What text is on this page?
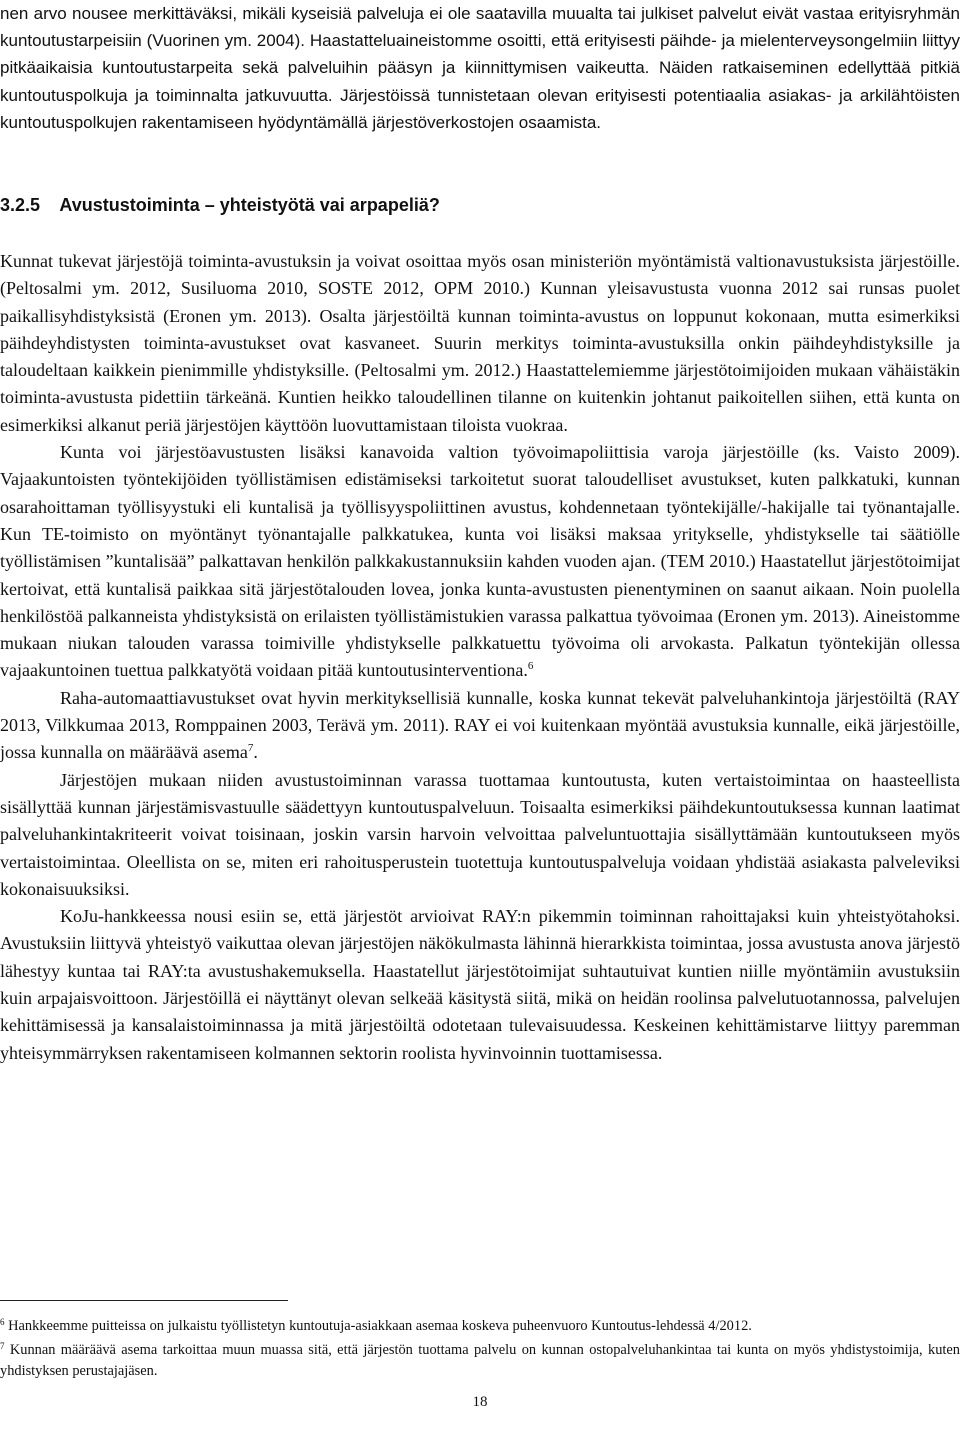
nen arvo nousee merkittäväksi, mikäli kyseisiä palveluja ei ole saatavilla muualta tai julkiset palvelut eivät vastaa erityisryhmän kuntoutustarpeisiin (Vuorinen ym. 2004). Haastatteluaineistomme osoitti, että erityisesti päihde- ja mielenterveysongelmiin liittyy pitkäaikaisia kuntoutustarpeita sekä palveluihin pääsyn ja kiinnittymisen vaikeutta. Näiden ratkaiseminen edellyttää pitkiä kuntoutuspolkuja ja toiminnalta jatkuvuutta. Järjestöissä tunnistetaan olevan erityisesti potentiaalia asiakas- ja arkilähtöisten kuntoutuspolkujen rakentamiseen hyödyntämällä järjestöverkostojen osaamista.

3.2.5 Avustustoiminta – yhteistyötä vai arpapeliä?

Kunnat tukevat järjestöjä toiminta-avustuksin ja voivat osoittaa myös osan ministeriön myöntämistä valtionavustuksista järjestöille. (Peltosalmi ym. 2012, Susiluoma 2010, SOSTE 2012, OPM 2010.) Kunnan yleisavustusta vuonna 2012 sai runsas puolet paikallisyhdistyksistä (Eronen ym. 2013). Osalta järjestöiltä kunnan toiminta-avustus on loppunut kokonaan, mutta esimerkiksi päihdeyhdistysten toiminta-avustukset ovat kasvaneet. Suurin merkitys toiminta-avustuksilla onkin päihdeyhdistyksille ja taloudeltaan kaikkein pienimmille yhdistyksille. (Peltosalmi ym. 2012.) Haastattelemiemme järjestötoimijoiden mukaan vähäistäkin toiminta-avustusta pidettiin tärkeänä. Kuntien heikko taloudellinen tilanne on kuitenkin johtanut paikoitellen siihen, että kunta on esimerkiksi alkanut periä järjestöjen käyttöön luovuttamistaan tiloista vuokraa.

Kunta voi järjestöavustusten lisäksi kanavoida valtion työvoimapoliittisia varoja järjestöille (ks. Vaisto 2009). Vajaakuntoisten työntekijöiden työllistämisen edistämiseksi tarkoitetut suorat taloudelliset avustukset, kuten palkkatuki, kunnan osarahoittaman työllisyystuki eli kuntalisä ja työllisyyspoliittinen avustus, kohdennetaan työntekijälle/-hakijalle tai työnantajalle. Kun TE-toimisto on myöntänyt työnantajalle palkkatukea, kunta voi lisäksi maksaa yritykselle, yhdistykselle tai säätiölle työllistämisen ”kuntalisää” palkattavan henkilön palkkakustannuksiin kahden vuoden ajan. (TEM 2010.) Haastatellut järjestötoimijat kertoivat, että kuntalisä paikkaa sitä järjestötalouden lovea, jonka kunta-avustusten pienentyminen on saanut aikaan. Noin puolella henkilöstöä palkanneista yhdistyksistä on erilaisten työllistämistukien varassa palkattua työvoimaa (Eronen ym. 2013). Aineistomme mukaan niukan talouden varassa toimiville yhdistykselle palkkatuettu työvoima oli arvokasta. Palkatun työntekijän ollessa vajaakuntoinen tuettua palkkatyötä voidaan pitää kuntoutusinterventiona.$^6$

Raha-automaattiavustukset ovat hyvin merkityksellisiä kunnalle, koska kunnat tekevät palveluhankintoja järjestöiltä (RAY 2013, Vilkkumaa 2013, Romppainen 2003, Terävä ym. 2011). RAY ei voi kuitenkaan myöntää avustuksia kunnalle, eikä järjestöille, jossa kunnalla on määräävä asema$^7$.

Järjestöjen mukaan niiden avustustoiminnan varassa tuottamaa kuntoutusta, kuten vertaistoimintaa on haasteellista sisällyttää kunnan järjestämisvastuulle säädettyyn kuntoutuspalveluun. Toisaalta esimerkiksi päihdekuntoutuksessa kunnan laatimat palveluhankintakriteerit voivat toisinaan, joskin varsin harvoin velvoittaa palveluntuottajia sisällyttämään kuntoutukseen myös vertaistoimintaa. Oleellista on se, miten eri rahoitusperustein tuotettuja kuntoutuspalveluja voidaan yhdistää asiakasta palveleviksi kokonaisuuksiksi.

KoJu-hankkeessa nousi esiin se, että järjestöt arvioivat RAY:n pikemmin toiminnan rahoittajaksi kuin yhteistyötahoksi. Avustuksiin liittyvä yhteistyö vaikuttaa olevan järjestöjen näkökulmasta lähinnä hierarkkista toimintaa, jossa avustusta anova järjestö lähestyy kuntaa tai RAY:ta avustushakemuksella. Haastatellut järjestötoimijat suhtautuivat kuntien niille myöntämiin avustuksiin kuin arpajaisvoittoon. Järjestöillä ei näyttänyt olevan selkeää käsitystä siitä, mikä on heidän roolinsa palvelutuotannossa, palvelujen kehittämisessä ja kansalaistoiminnassa ja mitä järjestöiltä odotetaan tulevaisuudessa. Keskeinen kehittämistarve liittyy paremman yhteisymmärryksen rakentamiseen kolmannen sektorin roolista hyvinvoinnin tuottamisessa.

$^6$ Hankkeemme puitteissa on julkaistu työllistetyn kuntoutuja-asiakkaan asemaa koskeva puheenvuoro Kuntoutus-lehdessä 4/2012.

$^7$ Kunnan määräävä asema tarkoittaa muun muassa sitä, että järjestön tuottama palvelu on kunnan ostopalveluhankintaa tai kunta on myös yhdistystoimija, kuten yhdistyksen perustajajäsen.

18
